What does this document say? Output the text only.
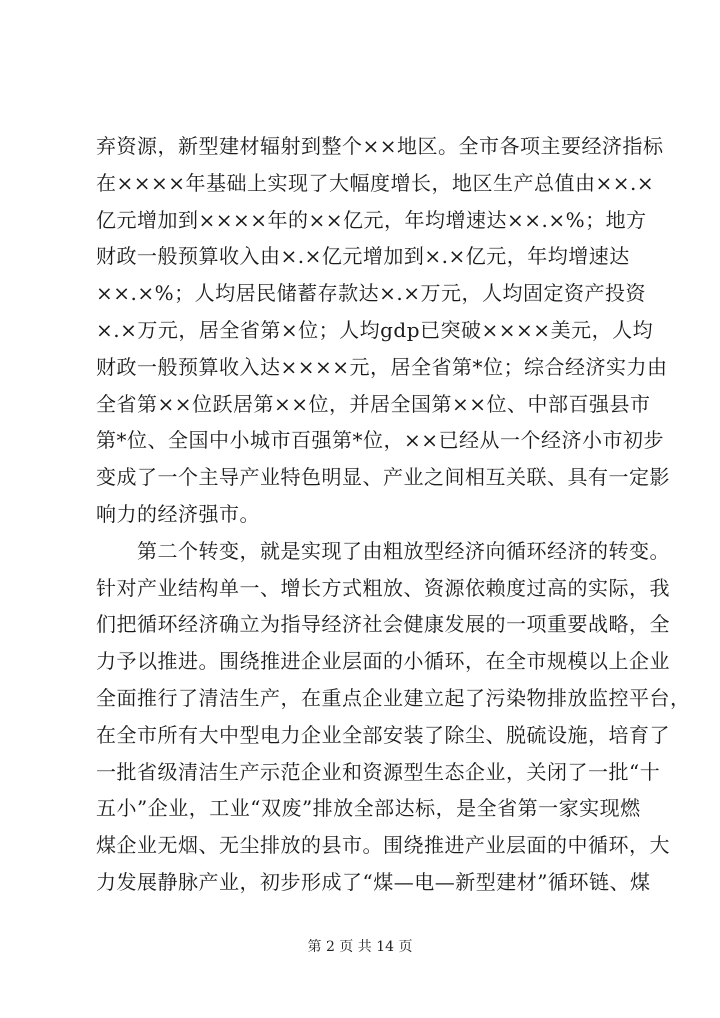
弃资源，新型建材辐射到整个××地区。全市各项主要经济指标
在××××年基础上实现了大幅度增长，地区生产总值由××.×
亿元增加到××××年的××亿元，年均增速达××.×%；地方
财政一般预算收入由×.×亿元增加到×.×亿元，年均增速达
××.×%；人均居民储蓄存款达×.×万元，人均固定资产投资
×.×万元，居全省第×位；人均gdp已突破××××美元，人均
财政一般预算收入达××××元，居全省第*位；综合经济实力由
全省第××位跃居第××位，并居全国第××位、中部百强县市
第*位、全国中小城市百强第*位，××已经从一个经济小市初步
变成了一个主导产业特色明显、产业之间相互关联、具有一定影
响力的经济强市。
　　第二个转变，就是实现了由粗放型经济向循环经济的转变。
针对产业结构单一、增长方式粗放、资源依赖度过高的实际，我
们把循环经济确立为指导经济社会健康发展的一项重要战略，全
力予以推进。围绕推进企业层面的小循环，在全市规模以上企业
全面推行了清洁生产，在重点企业建立起了污染物排放监控平台，
在全市所有大中型电力企业全部安装了除尘、脱硫设施，培育了
一批省级清洁生产示范企业和资源型生态企业，关闭了一批“十
五小”企业，工业“双废”排放全部达标，是全省第一家实现燃
煤企业无烟、无尘排放的县市。围绕推进产业层面的中循环，大
力发展静脉产业，初步形成了“煤—电—新型建材”循环链、煤
第 2 页 共 14 页
